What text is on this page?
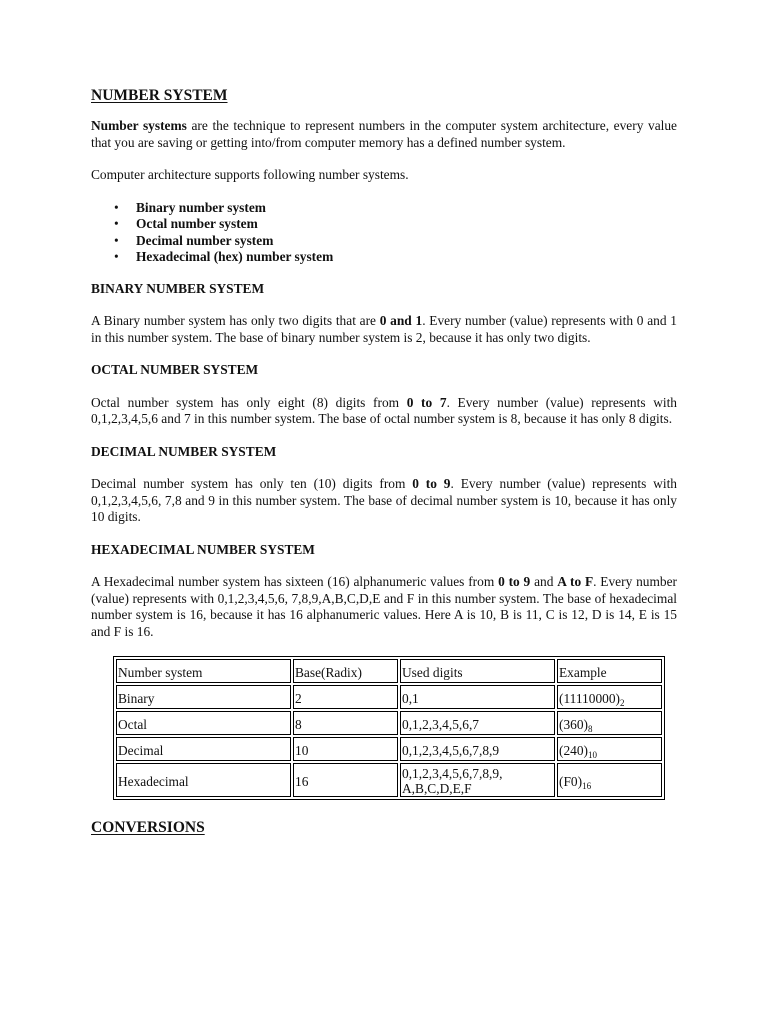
NUMBER SYSTEM

Number systems are the technique to represent numbers in the computer system architecture, every value that you are saving or getting into/from computer memory has a defined number system.

Computer architecture supports following number systems.

• Binary number system
• Octal number system
• Decimal number system
• Hexadecimal (hex) number system
BINARY NUMBER SYSTEM

A Binary number system has only two digits that are 0 and 1. Every number (value) represents with 0 and 1 in this number system. The base of binary number system is 2, because it has only two digits.

OCTAL NUMBER SYSTEM

Octal number system has only eight (8) digits from 0 to 7. Every number (value) represents with 0,1,2,3,4,5,6 and 7 in this number system. The base of octal number system is 8, because it has only 8 digits.

DECIMAL NUMBER SYSTEM

Decimal number system has only ten (10) digits from 0 to 9. Every number (value) represents with 0,1,2,3,4,5,6, 7,8 and 9 in this number system. The base of decimal number system is 10, because it has only 10 digits.

HEXADECIMAL NUMBER SYSTEM

A Hexadecimal number system has sixteen (16) alphanumeric values from 0 to 9 and A to F. Every number (value) represents with 0,1,2,3,4,5,6, 7,8,9,A,B,C,D,E and F in this number system. The base of hexadecimal number system is 16, because it has 16 alphanumeric values. Here A is 10, B is 11, C is 12, D is 14, E is 15 and F is 16.

Number system	Base(Radix)	Used digits	Example
Binary	2	0,1	$(11110000)_2$
Octal	8	0,1,2,3,4,5,6,7	$(360)_8$
Decimal	10	0,1,2,3,4,5,6,7,8,9	$(240)_{10}$
Hexadecimal	16	0,1,2,3,4,5,6,7,8,9, A,B,C,D,E,F	$(F0)_{16}$
CONVERSIONS
